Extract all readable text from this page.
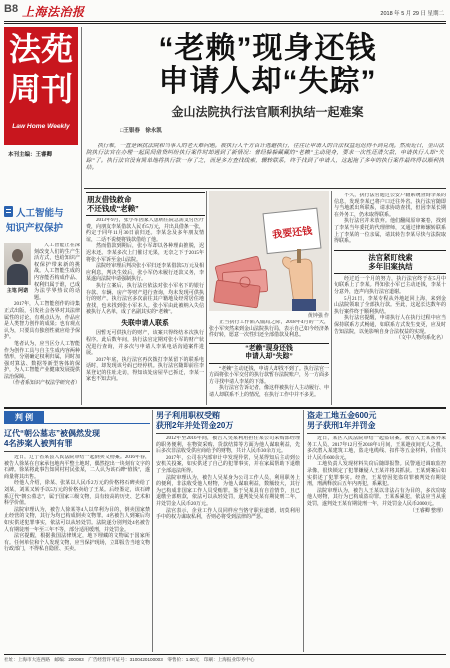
B8 上海法治报	2018 年 5 月 29 日 星期二
法苑
周刊
Law Home Weekly
本刊主编：王睿卿
“老赖”现身还钱
申请人却“失踪”
金山法院执行法官顺利执结一起难案
□王银春　徐永凯
执行难，一直是困扰法院和当事人的老大难问题。被执行人千方百计逃避执行，往往让申请人的合法权益迟迟得不到兑现。然而近日，金山法院执行法官在办理一起民间借贷纠纷执行案件时却遇到了新情况：曾经躲躲藏藏的“老赖”主动现身，要求一次性还清欠款，申请执行人却“失踪”了。执行法官没有简单地将执行款一存了之，而是多方查找线索，辗转联系，终于找到了申请人，这起拖了多年的执行案件最终得以顺利执结。
人工智能与
知识产权保护
主笔 阿诺

人工智能正在深刻改变人们的生产生活方式，也给知识产权保护带来新的挑战。人工智能生成的内容能否构成作品、权利归属于谁，已成为法学界热议的话题。

2017年，人工智能创作的诗集正式出版，引发社会各界对其法律属性的讨论。有观点认为，作品应是人类智力创作的成果；也有观点认为，只要具有独创性就应给予保护。

笔者认为，应当区分人工智能作为创作工具与自主生成内容两种情形，分别确定权利归属，同时加强对算法、数据等新型客体的保护，为人工智能产业健康发展提供法治保障。

（作者系知识产权法学研究者）

朋友借钱救命
不还钱成“老赖”

2013年9月，张小军因家人患病住院急需支付医疗费，向朋友李某借款人民币5万元，并出具借条一张，约定于同年11月30日前归还。李某念及多年朋友情谊，二话不说便将钱款借给了他。

然而借款到期后，张小军却以各种理由推脱，迟迟未还。李某多次上门催讨无果，无奈之下于2015年将张小军诉至金山法院。

法院经审理后判决张小军归还李某借款5万元及相应利息。判决生效后，张小军仍未履行还款义务，李某遂向法院申请强制执行。

执行立案后，执行法官依法对张小军名下的银行存款、车辆、房产等财产进行查询，均未发现可供执行的财产。执行法官多次前往其户籍地及经常居住地查找，也未找到张小军本人。张小军由此被纳入失信被执行人名单，成了名副其实的“老赖”。

失联申请人联系

因暂无可供执行的财产，该案只得终结本次执行程序。此后数年间，执行法官定期对张小军的财产状况进行查询，并多次与申请人李某电话沟通案件进展。

2017年底，执行法官再次拨打李某留下的联系电话时，却发现该号码已经停机。执行法官随即前往李某登记的住址走访，得知该处房屋早已拆迁，李某一家也不知去向。

我要还钱
黄钟强 作

正当执行工作陷入僵局之际，2018年4月的一天，张小军突然来到金山法院执行局，表示自己如今经济条件好转，愿意一次性归还全部借款及利息。

“老赖”现身还钱
申请人却“失踪”

“老赖”主动还钱，申请人却找不到了。执行法官一方面将张小军交付的执行款暂存法院账户，另一方面多方寻找申请人李某的下落。

执行法官告诉记者，像这样被执行人主动履行、申请人却联系不上的情况，在执行工作中并不多见。

不久，执行法官通过公安户籍系统查询李某的信息，发现李某已将户口迁往外省。执行法官随即与当地派出所联系，请求协助查找，但因李某长期在外务工，仍未取得联系。

执行法官并未放弃。他们翻阅原审案卷，找到了李某当年委托的代理律师，又通过律师辗转联系上了李某的一位亲属，请其转告李某尽快与法院取得联系。

法官紧盯线索
多年旧案执结

经过近一个月的努力，执行法官终于在5月中旬联系上了李某。得知张小军已主动还钱，李某十分意外，连声向执行法官道谢。

5月21日，李某专程从外地赶回上海，来到金山法院领取了全部执行款。至此，这起长达数年的执行案件终于顺利执结。

执行法官提醒，申请执行人在执行过程中应当保持联系方式畅通，如联系方式发生变更，应及时告知法院，以免影响自身合法权益的实现。

（文中人物均系化名）

判 例
辽代“朝公墓志”被偶然发现
4名涉案人被判有罪

近日，辽宁省某县人民法院审结一起倒卖文物案。2016年春，被告人徐某在自家承包地内平整土地时，偶然挖出一块刻有文字的石碑。徐某将此事告知同村村民张某，二人认为该石碑“值钱”，遂商量将其出售。

经他人介绍，徐某、张某以人民币2万元的价格将石碑卖给了刘某，刘某又转手以5万元的价格卖给了王某。后经鉴定，该石碑系辽代“朝公墓志”，属于国家三级文物，具有较高的历史、艺术和科学价值。

法院审理认为，被告人徐某等4人以牟利为目的，倒卖国家禁止经营的文物，其行为均已构成倒卖文物罪。4名被告人到案后均如实供述犯罪事实，依法可以从轻处罚。法院遂分别判处4名被告人有期徒刑一年至三年不等，部分适用缓刑，并处罚金。

法官提醒，根据我国法律规定，地下埋藏的文物属于国家所有。任何单位和个人发现文物，应当保护现场，立即报告当地文物行政部门，不得私自隐匿、买卖。

男子利用职权受贿
获刑2年并处罚金20万

2012年至2016年间，被告人吴某利用担任某公司采购部经理的职务便利，在物资采购、货款结算等方面为他人谋取利益，先后多次非法收受供应商给予的财物，共计人民币30余万元。

2017年，公司在内部审计中发现异常，吴某得知后主动到公安机关投案，如实供述了自己的犯罪事实，并在家属帮助下退缴了全部违法所得。

法院审理认为，被告人吴某身为公司工作人员，利用职务上的便利，非法收受他人财物，为他人谋取利益，数额较大，其行为已构成非国家工作人员受贿罪。鉴于吴某具有自首情节，且已退缴全部赃款，依法可以从轻处罚，遂判处吴某有期徒刑二年，并处罚金人民币20万元。

法官表示，企业工作人员同样应当恪守职业道德，切莫利用手中的权力谋取私利，否则必将受到法律的严惩。

盗走工地五金600元
男子获刑1年并罚金

近日，某区人民法院审结一起盗窃案。被告人王某系外来务工人员，2017年12月至2018年1月间，王某趁夜间无人之机，多次潜入某建筑工地，盗走电缆线、扣件等五金材料，价值共计人民币600余元。

工地负责人发现材料失窃后随即报警。民警通过调取监控录像，很快锁定了犯罪嫌疑人王某并将其抓获。王某到案后如实供述了犯罪事实。经查，王某曾因犯盗窃罪被判处有期徒刑，刑满释放后五年内再犯，系累犯。

法院审理认为，被告人王某以非法占有为目的，多次窃取他人财物，其行为已构成盗窃罪。王某系累犯，依法应当从重处罚，遂判处王某有期徒刑一年，并处罚金人民币2000元。

（王睿卿 整理）

社址：上海市大连西路　邮编：200083　广告经营许可证号：3100420100003　零售价：1.00元　印刷：上海报业印务中心
